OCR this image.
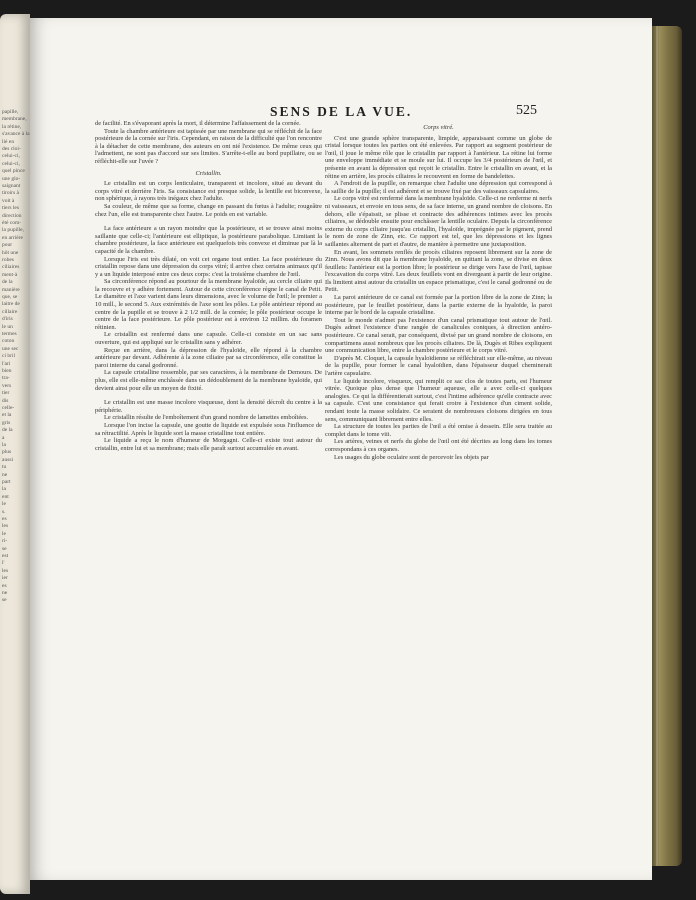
papille,
membrane,
la rétine,
s'avance à la
lié en
des cloi-
celui-ci,
celui-ci,
quel pince
une glo-
saignant
tiroirs à
voit à
tiers les
direction
été com-
la pupille,
en arrière
pour
hôt une
robes
ciliaires
ment-à
de la
manière
que, se
laitre de
cillaire
d'iris
le un
termes
coton
une sec
ci bril
l'ari
bien
tra-
vers
tier
dis
celle-
et la
gris
de la
a
la
plus
aussi
tu
ne
part
la
ent
le
s.
es
les
le
ri-
se
est
l'
les
ier
es
ne
se
SENS DE LA VUE.	525

de facilité. En s'évaporant après la mort, il détermine l'affaissement de la cornée.

Toute la chambre antérieure est tapissée par une membrane qui se réfléchit de la face postérieure de la cornée sur l'iris. Cependant, en raison de la difficulté que l'on rencontre à la détacher de cette membrane, des auteurs en ont nié l'existence. De même ceux qui l'admettent, ne sont pas d'accord sur ses limites. S'arrête-t-elle au bord pupillaire, ou se réfléchit-elle sur l'uvée ?

Cristallin.

Le cristallin est un corps lenticulaire, transparent et incolore, situé au devant du corps vitré et derrière l'iris. Sa consistance est presque solide, la lentille est biconvexe, non sphérique, à rayons très inégaux chez l'adulte.

Sa couleur, de même que sa forme, change en passant du fœtus à l'adulte; rougeâtre chez l'un, elle est transparente chez l'autre. Le poids en est variable.

La face antérieure a un rayon moindre que la postérieure, et se trouve ainsi moins saillante que celle-ci; l'antérieure est elliptique, la postérieure parabolique. Limitant la chambre postérieure, la face antérieure est quelquefois très convexe et diminue par là la capacité de la chambre.

Lorsque l'iris est très dilaté, on voit cet organe tout entier. La face postérieure du cristallin repose dans une dépression du corps vitré; il arrive chez certains animaux qu'il y a un liquide interposé entre ces deux corps: c'est la troisième chambre de l'œil.

Sa circonférence répond au pourtour de la membrane hyaloïde, au cercle ciliaire qui la recouvre et y adhère fortement. Autour de cette circonférence règne le canal de Petit. Le diamètre et l'axe varient dans leurs dimensions, avec le volume de l'œil; le premier a 10 mill., le second 5. Aux extrémités de l'axe sont les pôles. Le pôle antérieur répond au centre de la pupille et se trouve à 2 1/2 mill. de la cornée; le pôle postérieur occupe le centre de la face postérieure. Le pôle postérieur est à environ 12 millim. du foramen rétinien.

Le cristallin est renfermé dans une capsule. Celle-ci consiste en un sac sans ouverture, qui est appliqué sur le cristallin sans y adhérer.

Reçue en arrière, dans la dépression de l'hyaloïde, elle répond à la chambre antérieure par devant. Adhérente à la zone ciliaire par sa circonférence, elle constitue la paroi interne du canal godronné.

La capsule cristalline ressemble, par ses caractères, à la membrane de Demours. De plus, elle est elle-même enchâssée dans un dédoublement de la membrane hyaloïde, qui devient ainsi pour elle un moyen de fixité.

Le cristallin est une masse incolore visqueuse, dont la densité décroît du centre à la périphérie.

Le cristallin résulte de l'emboîtement d'un grand nombre de lamettes emboîtées.

Lorsque l'on incise la capsule, une goutte de liquide est expulsée sous l'influence de sa rétractilité. Après le liquide sort la masse cristalline tout entière.

Le liquide a reçu le nom d'humeur de Morgagni. Celle-ci existe tout autour du cristallin, entre lui et sa membrane; mais elle paraît surtout accumulée en avant.

Corps vitré.

C'est une grande sphère transparente, limpide, apparaissant comme un globe de cristal lorsque toutes les parties ont été enlevées. Par rapport au segment postérieur de l'œil, il joue le même rôle que le cristallin par rapport à l'antérieur. La rétine lui forme une enveloppe immédiate et se moule sur lui. Il occupe les 3/4 postérieurs de l'œil, et présente en avant la dépression qui reçoit le cristallin. Entre le cristallin en avant, et la rétine en arrière, les procès ciliaires le recouvrent en forme de bandelettes.

A l'endroit de la pupille, on remarque chez l'adulte une dépression qui correspond à la saillie de la pupille; il est adhérent et se trouve fixé par des vaisseaux capsulaires.

Le corps vitré est renfermé dans la membrane hyaloïde. Celle-ci ne renferme ni nerfs ni vaisseaux, et envoie en tous sens, de sa face interne, un grand nombre de cloisons. En dehors, elle s'épaissit, se plisse et contracte des adhérences intimes avec les procès ciliaires, se dédouble ensuite pour enchâsser la lentille oculaire. Depuis la circonférence externe du corps ciliaire jusqu'au cristallin, l'hyaloïde, imprégnée par le pigment, prend le nom de zone de Zinn, etc. Ce rapport est tel, que les dépressions et les lignes saillantes alternent de part et d'autre, de manière à permettre une juxtaposition.

En avant, les sommets renflés de procès ciliaires reposent librement sur la zone de Zinn. Nous avons dit que la membrane hyaloïde, en quittant la zone, se divise en deux feuillets: l'antérieur est la portion libre; le postérieur se dirige vers l'axe de l'œil, tapisse l'excavation du corps vitré. Les deux feuillets vont en divergeant à partir de leur origine. Ils limitent ainsi autour du cristallin un espace prismatique, c'est le canal godronné ou de Petit.

La paroi antérieure de ce canal est formée par la portion libre de la zone de Zinn; la postérieure, par le feuillet postérieur, dans la partie externe de la hyaloïde, la paroi interne par le bord de la capsule cristalline.

Tout le monde n'admet pas l'existence d'un canal prismatique tout autour de l'œil. Dugès admet l'existence d'une rangée de canalicules coniques, à direction antéro-postérieure. Ce canal serait, par conséquent, divisé par un grand nombre de cloisons, en compartimens aussi nombreux que les procès ciliaires. De là, Dugès et Ribes expliquent une communication libre, entre la chambre postérieure et le corps vitré.

D'après M. Cloquet, la capsule hyaloïdienne se réfléchirait sur elle-même, au niveau de la pupille, pour former le canal hyaloïdien, dans l'épaisseur duquel cheminerait l'artère capsulaire.

Le liquide incolore, visqueux, qui remplit ce sac clos de toutes parts, est l'humeur vitrée. Quoique plus dense que l'humeur aqueuse, elle a avec celle-ci quelques analogies. Ce qui la différentierait surtout, c'est l'intime adhérence qu'elle contracte avec sa capsule. C'est une consistance qui ferait croire à l'existence d'un ciment solide, rendant toute la masse solidaire. Ce seraient de nombreuses cloisons dirigées en tous sens, communiquant librement entre elles.

La structure de toutes les parties de l'œil a été omise à dessein. Elle sera traitée au complet dans le tome viii.

Les artères, veines et nerfs du globe de l'œil ont été décrites au long dans les tomes correspondans à ces organes.

Les usages du globe oculaire sont de percevoir les objets par
